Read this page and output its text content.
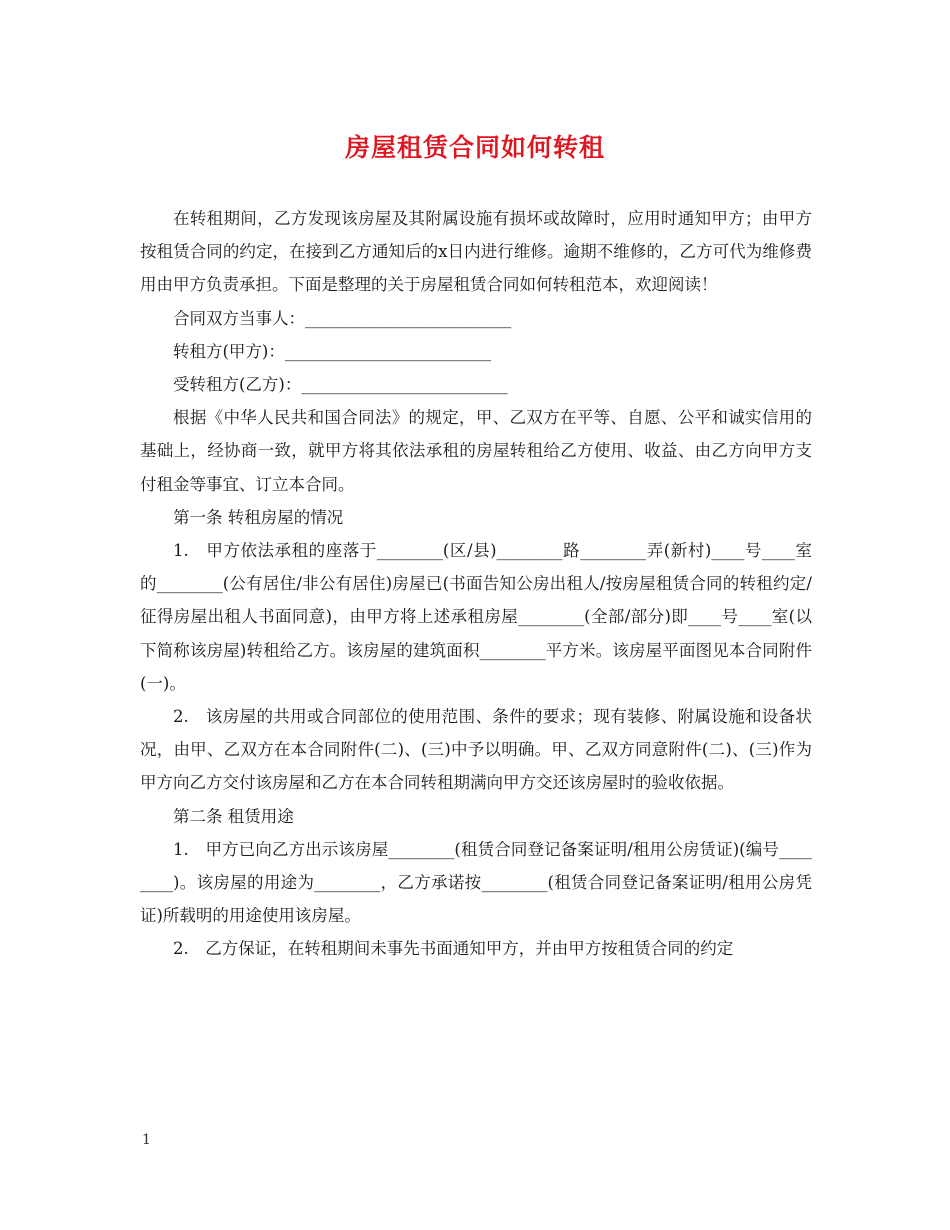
房屋租赁合同如何转租

在转租期间，乙方发现该房屋及其附属设施有损坏或故障时，应用时通知甲方；由甲方按租赁合同的约定，在接到乙方通知后的x日内进行维修。逾期不维修的，乙方可代为维修费用由甲方负责承担。下面是整理的关于房屋租赁合同如何转租范本，欢迎阅读！

合同双方当事人：_________________________

转租方(甲方)：_________________________

受转租方(乙方)：_________________________

根据《中华人民共和国合同法》的规定，甲、乙双方在平等、自愿、公平和诚实信用的基础上，经协商一致，就甲方将其依法承租的房屋转租给乙方使用、收益、由乙方向甲方支付租金等事宜、订立本合同。

第一条 转租房屋的情况

1.　甲方依法承租的座落于________(区/县)________路________弄(新村)____号____室的________(公有居住/非公有居住)房屋已(书面告知公房出租人/按房屋租赁合同的转租约定/征得房屋出租人书面同意)，由甲方将上述承租房屋________(全部/部分)即____号____室(以下简称该房屋)转租给乙方。该房屋的建筑面积________平方米。该房屋平面图见本合同附件(一)。

2.　该房屋的共用或合同部位的使用范围、条件的要求；现有装修、附属设施和设备状况，由甲、乙双方在本合同附件(二)、(三)中予以明确。甲、乙双方同意附件(二)、(三)作为甲方向乙方交付该房屋和乙方在本合同转租期满向甲方交还该房屋时的验收依据。

第二条 租赁用途

1.　甲方已向乙方出示该房屋________(租赁合同登记备案证明/租用公房赁证)(编号________)。该房屋的用途为________，乙方承诺按________(租赁合同登记备案证明/租用公房凭证)所载明的用途使用该房屋。

2.　乙方保证，在转租期间未事先书面通知甲方，并由甲方按租赁合同的约定

1
